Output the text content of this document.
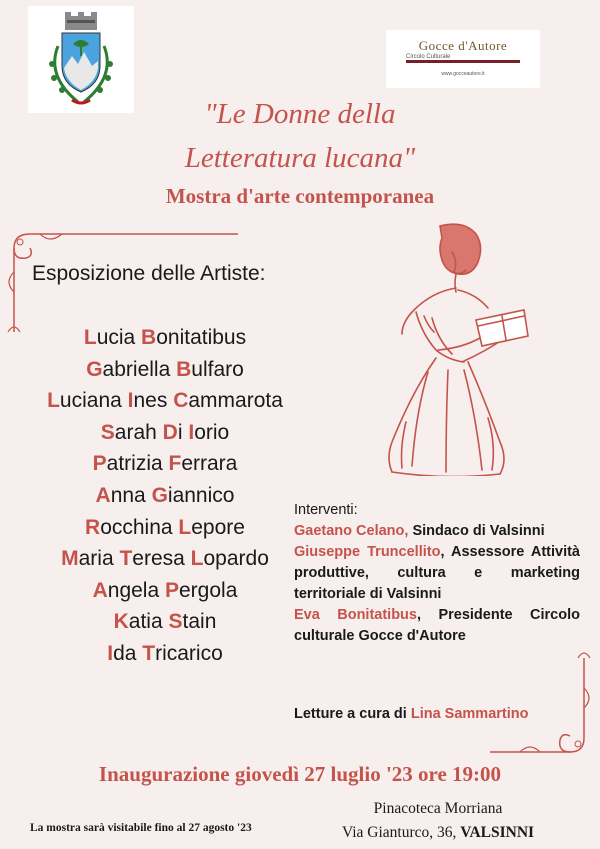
Gocce d'Autore
Circolo Culturale
www.gocceautore.it
"Le Donne della
Letteratura lucana"
Mostra d'arte contemporanea
Esposizione delle Artiste:
Lucia Bonitatibus
Gabriella Bulfaro
Luciana Ines Cammarota
Sarah Di Iorio
Patrizia Ferrara
Anna Giannico
Rocchina Lepore
Maria Teresa Lopardo
Angela Pergola
Katia Stain
Ida Tricarico
Interventi:
Gaetano Celano, Sindaco di Valsinni
Giuseppe Truncellito, Assessore Attività produttive, cultura e marketing territoriale di Valsinni
Eva Bonitatibus, Presidente Circolo culturale Gocce d'Autore
Letture a cura di Lina Sammartino
Inaugurazione giovedì 27 luglio '23 ore 19:00
La mostra sarà visitabile fino al 27 agosto '23
Pinacoteca Morriana
Via Gianturco, 36, VALSINNI
